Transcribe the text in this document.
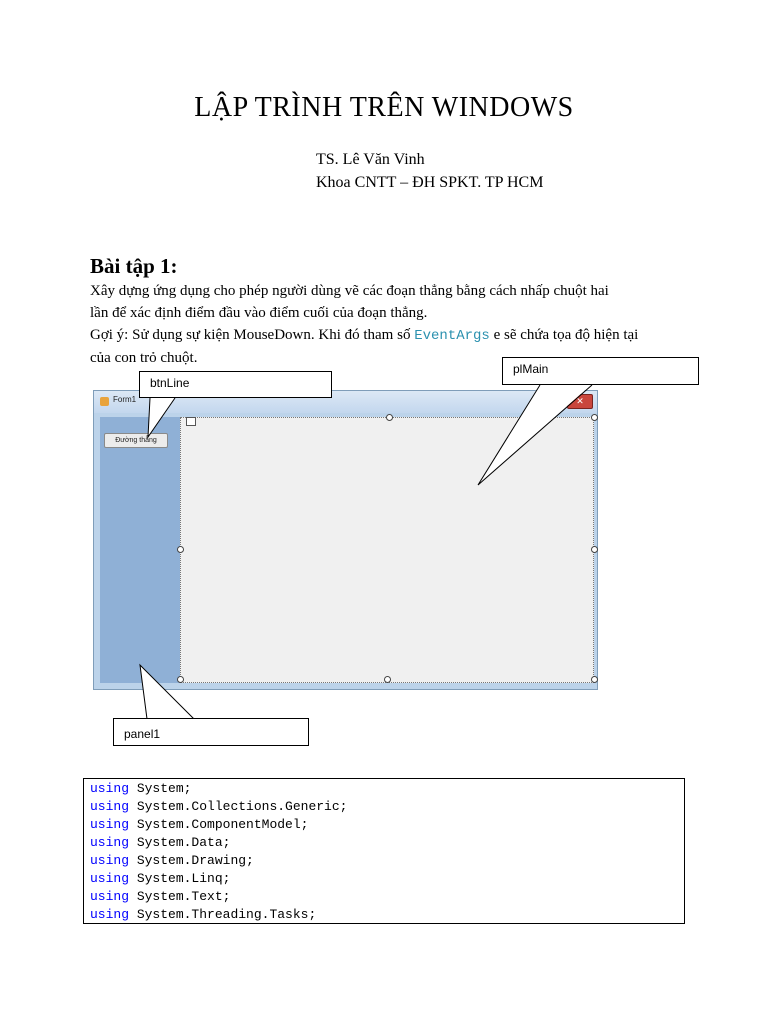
LẬP TRÌNH TRÊN WINDOWS
TS. Lê Văn Vinh
Khoa CNTT – ĐH SPKT. TP HCM
Bài tập 1:
Xây dựng ứng dụng cho phép người dùng vẽ các đoạn thẳng bằng cách nhấp chuột hai
lần để xác định điểm đầu vào điểm cuối của đoạn thẳng.
Gợi ý: Sử dụng sự kiện MouseDown. Khi đó tham số EventArgs e sẽ chứa tọa độ hiện tại
của con trỏ chuột.
Form1	✕
Đường thẳng
btnLine
plMain
panel1
using System;
using System.Collections.Generic;
using System.ComponentModel;
using System.Data;
using System.Drawing;
using System.Linq;
using System.Text;
using System.Threading.Tasks;
